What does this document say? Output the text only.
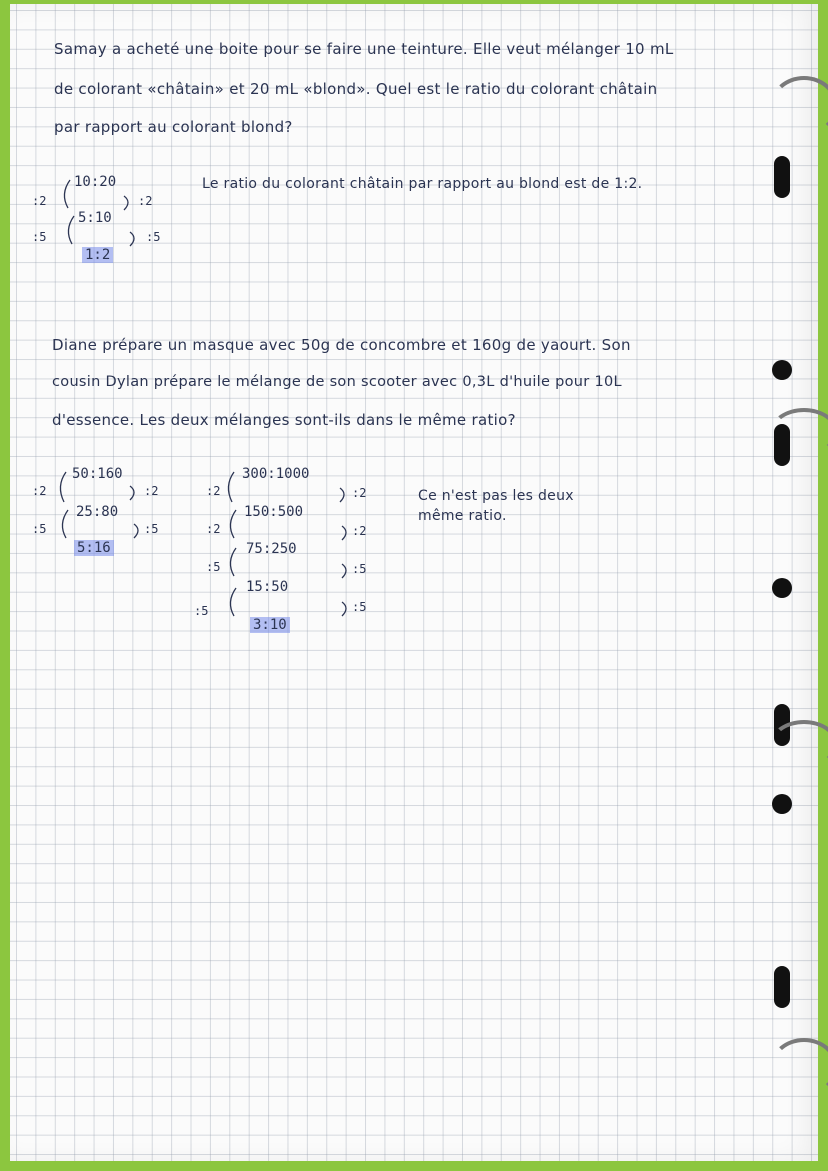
Samay a acheté une boite pour se faire une teinture. Elle veut mélanger 10 mL
de colorant «châtain» et 20 mL «blond». Quel est le ratio du colorant châtain
par rapport au colorant blond?
10:20
5:10
1:2
:2
:5
:2
:5
Le ratio du colorant châtain par rapport au blond est de 1:2.
Diane prépare un masque avec 50g de concombre et 160g de yaourt. Son
cousin Dylan prépare le mélange de son scooter avec 0,3L d'huile pour 10L
d'essence. Les deux mélanges sont-ils dans le même ratio?
50:160
25:80
5:16
:2
:5
:2
:5
300:1000
150:500
75:250
15:50
3:10
:2
:2
:5
:5
:2
:2
:5
:5
Ce n'est pas les deux
même ratio.
